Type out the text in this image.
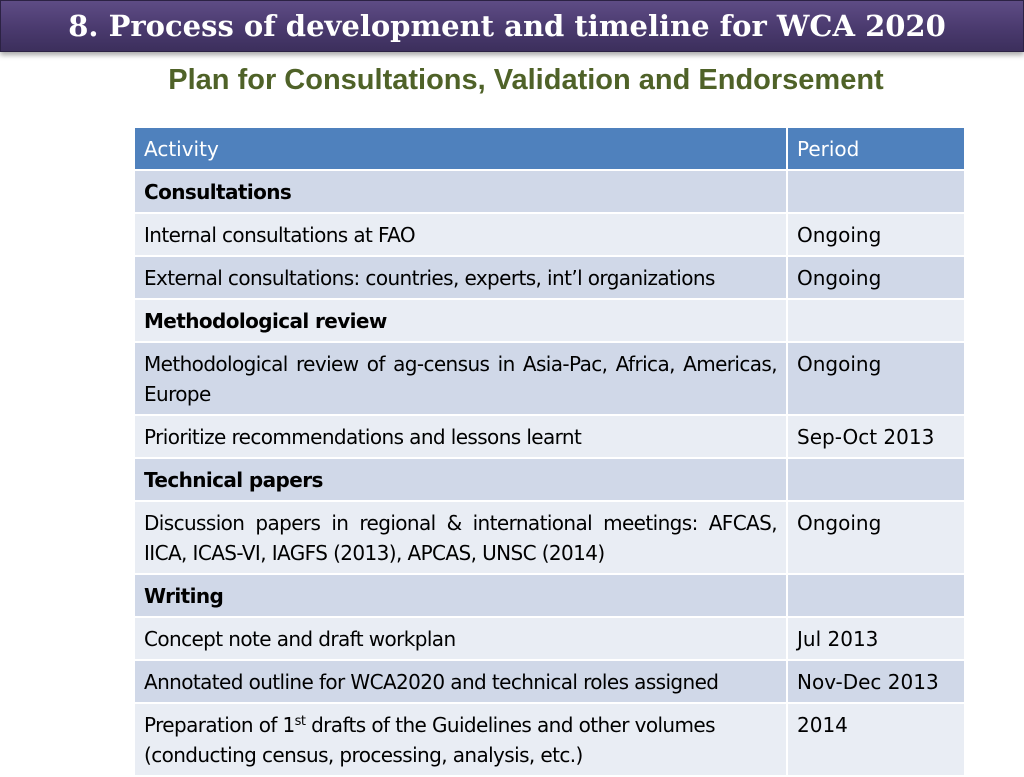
8. Process of development and timeline for WCA 2020
Plan for Consultations, Validation and Endorsement
Activity	Period
Consultations	
Internal consultations at FAO	Ongoing
External consultations: countries, experts, int’l organizations	Ongoing
Methodological review	
Methodological review of ag-census in Asia-Pac, Africa, Americas, Europe	Ongoing
Prioritize recommendations and lessons learnt	Sep-Oct 2013
Technical papers	
Discussion papers in regional & international meetings: AFCAS, IICA, ICAS-VI, IAGFS (2013), APCAS, UNSC (2014)	Ongoing
Writing	
Concept note and draft workplan	Jul 2013
Annotated outline for WCA2020 and technical roles assigned	Nov-Dec 2013
Preparation of 1st drafts of the Guidelines and other volumes (conducting census, processing, analysis, etc.)	2014
